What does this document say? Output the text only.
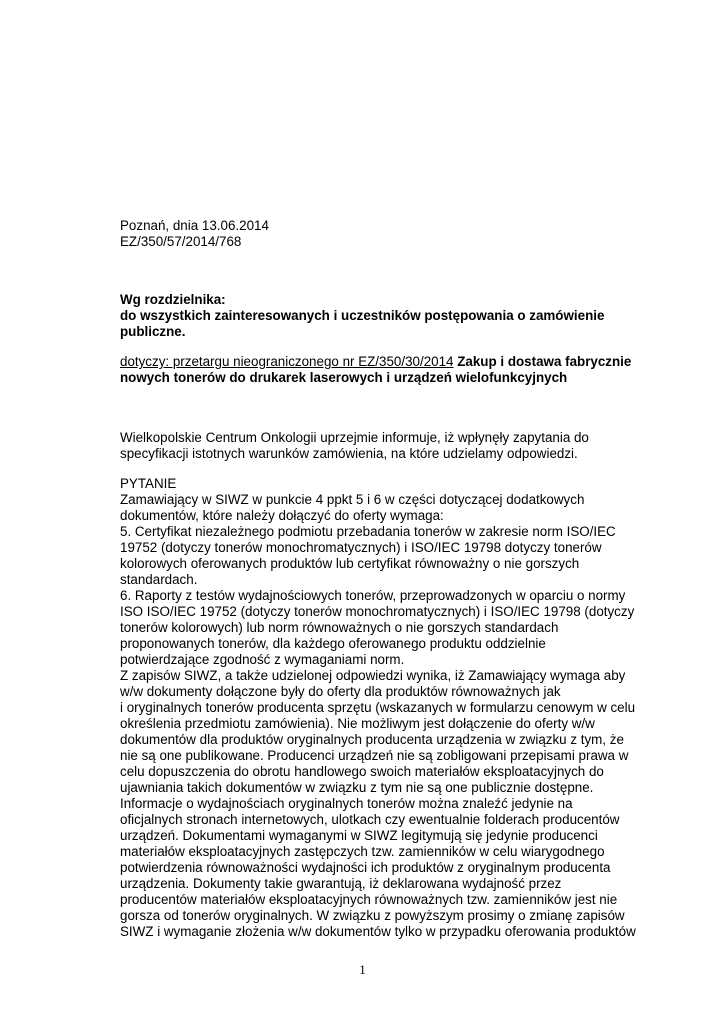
Poznań, dnia 13.06.2014
EZ/350/57/2014/768
Wg rozdzielnika:
do wszystkich zainteresowanych i uczestników postępowania o zamówienie
publiczne.
dotyczy: przetargu nieograniczonego nr EZ/350/30/2014 Zakup i dostawa fabrycznie
nowych tonerów do drukarek laserowych i urządzeń wielofunkcyjnych
Wielkopolskie Centrum Onkologii uprzejmie informuje, iż wpłynęły zapytania do
specyfikacji istotnych warunków zamówienia, na które udzielamy odpowiedzi.
PYTANIE
Zamawiający w SIWZ w punkcie 4 ppkt 5 i 6 w części dotyczącej dodatkowych
dokumentów, które należy dołączyć do oferty wymaga:
5. Certyfikat niezależnego podmiotu przebadania tonerów w zakresie norm ISO/IEC
19752 (dotyczy tonerów monochromatycznych) i ISO/IEC 19798 dotyczy tonerów
kolorowych oferowanych produktów lub certyfikat równoważny o nie gorszych
standardach.
6. Raporty z testów wydajnościowych tonerów, przeprowadzonych w oparciu o normy
ISO ISO/IEC 19752 (dotyczy tonerów monochromatycznych) i ISO/IEC 19798 (dotyczy
tonerów kolorowych) lub norm równoważnych o nie gorszych standardach
proponowanych tonerów, dla każdego oferowanego produktu oddzielnie
potwierdzające zgodność z wymaganiami norm.
Z zapisów SIWZ, a także udzielonej odpowiedzi wynika, iż Zamawiający wymaga aby
w/w dokumenty dołączone były do oferty dla produktów równoważnych jak
i oryginalnych tonerów producenta sprzętu (wskazanych w formularzu cenowym w celu
określenia przedmiotu zamówienia). Nie możliwym jest dołączenie do oferty w/w
dokumentów dla produktów oryginalnych producenta urządzenia w związku z tym, że
nie są one publikowane. Producenci urządzeń nie są zobligowani przepisami prawa w
celu dopuszczenia do obrotu handlowego swoich materiałów eksploatacyjnych do
ujawniania takich dokumentów w związku z tym nie są one publicznie dostępne.
Informacje o wydajnościach oryginalnych tonerów można znaleźć jedynie na
oficjalnych stronach internetowych, ulotkach czy ewentualnie folderach producentów
urządzeń. Dokumentami wymaganymi w SIWZ legitymują się jedynie producenci
materiałów eksploatacyjnych zastępczych tzw. zamienników w celu wiarygodnego
potwierdzenia równoważności wydajności ich produktów z oryginalnym producenta
urządzenia. Dokumenty takie gwarantują, iż deklarowana wydajność przez
producentów materiałów eksploatacyjnych równoważnych tzw. zamienników jest nie
gorsza od tonerów oryginalnych. W związku z powyższym prosimy o zmianę zapisów
SIWZ i wymaganie złożenia w/w dokumentów tylko w przypadku oferowania produktów
1
